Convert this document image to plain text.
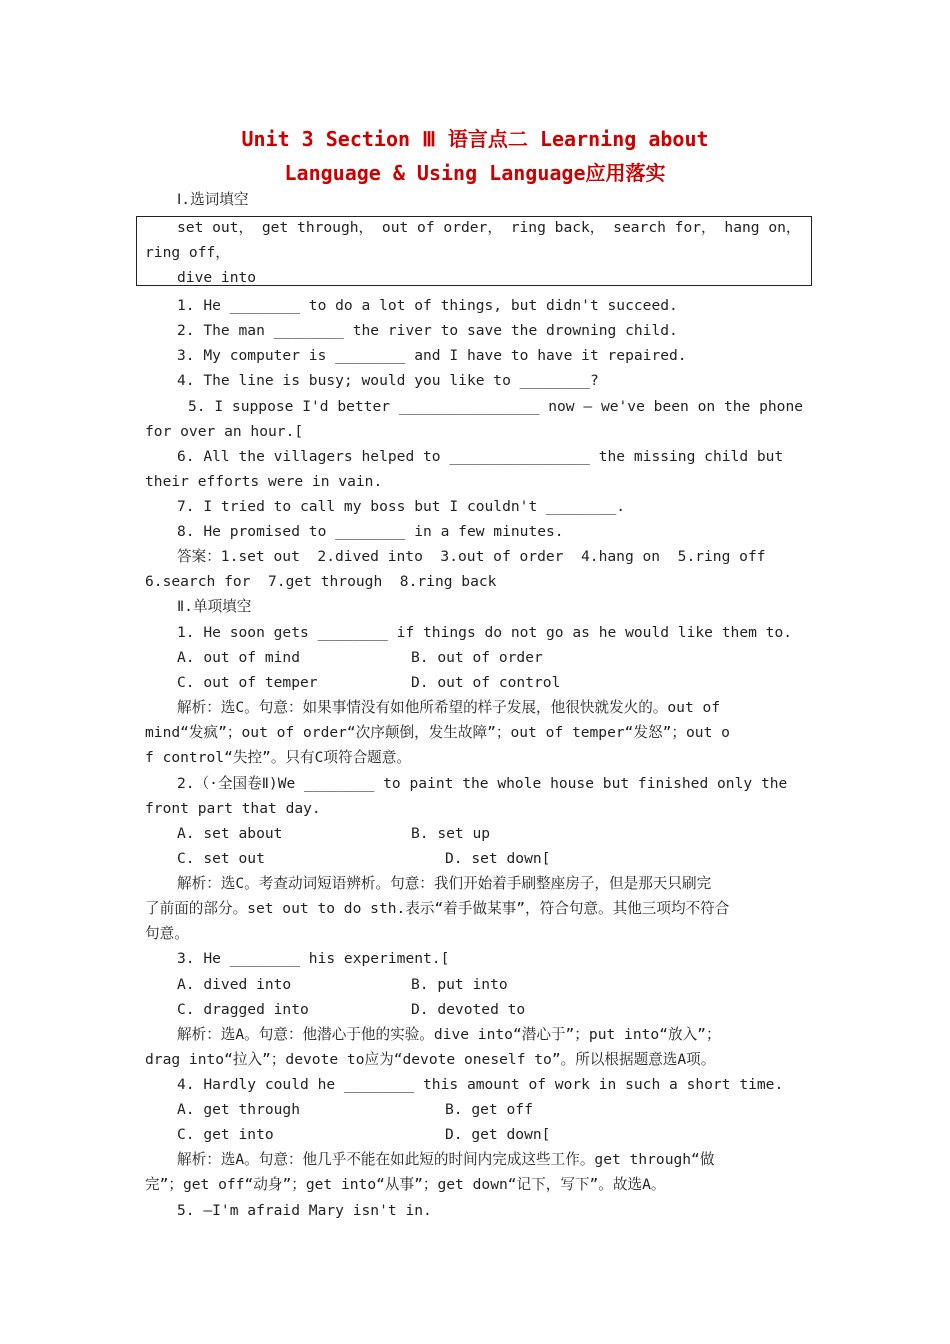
Unit 3 Section Ⅲ 语言点二 Learning about
Language & Using Language应用落实
Ⅰ.选词填空
set out， get through， out of order， ring back， search for， hang on，
ring off，
dive into
1. He ________ to do a lot of things, but didn't succeed.
2. The man ________ the river to save the drowning child.
3. My computer is ________ and I have to have it repaired.
4. The line is busy; would you like to ________?
5. I suppose I'd better ________________ now — we've been on the phone
for over an hour.[
6. All the villagers helped to ________________ the missing child but
their efforts were in vain.
7. I tried to call my boss but I couldn't ________.
8. He promised to ________ in a few minutes.
答案：1.set out  2.dived into  3.out of order  4.hang on  5.ring off
6.search for  7.get through  8.ring back
Ⅱ.单项填空
1. He soon gets ________ if things do not go as he would like them to.
A. out of mind	B. out of order
C. out of temper	D. out of control
解析：选C。句意：如果事情没有如他所希望的样子发展，他很快就发火的。out of
mind“发疯”；out of order“次序颠倒，发生故障”；out of temper“发怒”；out o
f control“失控”。只有C项符合题意。
2.（·全国卷Ⅱ)We ________ to paint the whole house but finished only the
front part that day.
A. set about	B. set up
C. set out	D. set down[
解析：选C。考查动词短语辨析。句意：我们开始着手刷整座房子，但是那天只刷完
了前面的部分。set out to do sth.表示“着手做某事”，符合句意。其他三项均不符合
句意。
3. He ________ his experiment.[
A. dived into	B. put into
C. dragged into	D. devoted to
解析：选A。句意：他潜心于他的实验。dive into“潜心于”；put into“放入”；
drag into“拉入”；devote to应为“devote oneself to”。所以根据题意选A项。
4. Hardly could he ________ this amount of work in such a short time.
A. get through	B. get off
C. get into	D. get down[
解析：选A。句意：他几乎不能在如此短的时间内完成这些工作。get through“做
完”；get off“动身”；get into“从事”；get down“记下，写下”。故选A。
5. —I'm afraid Mary isn't in.
